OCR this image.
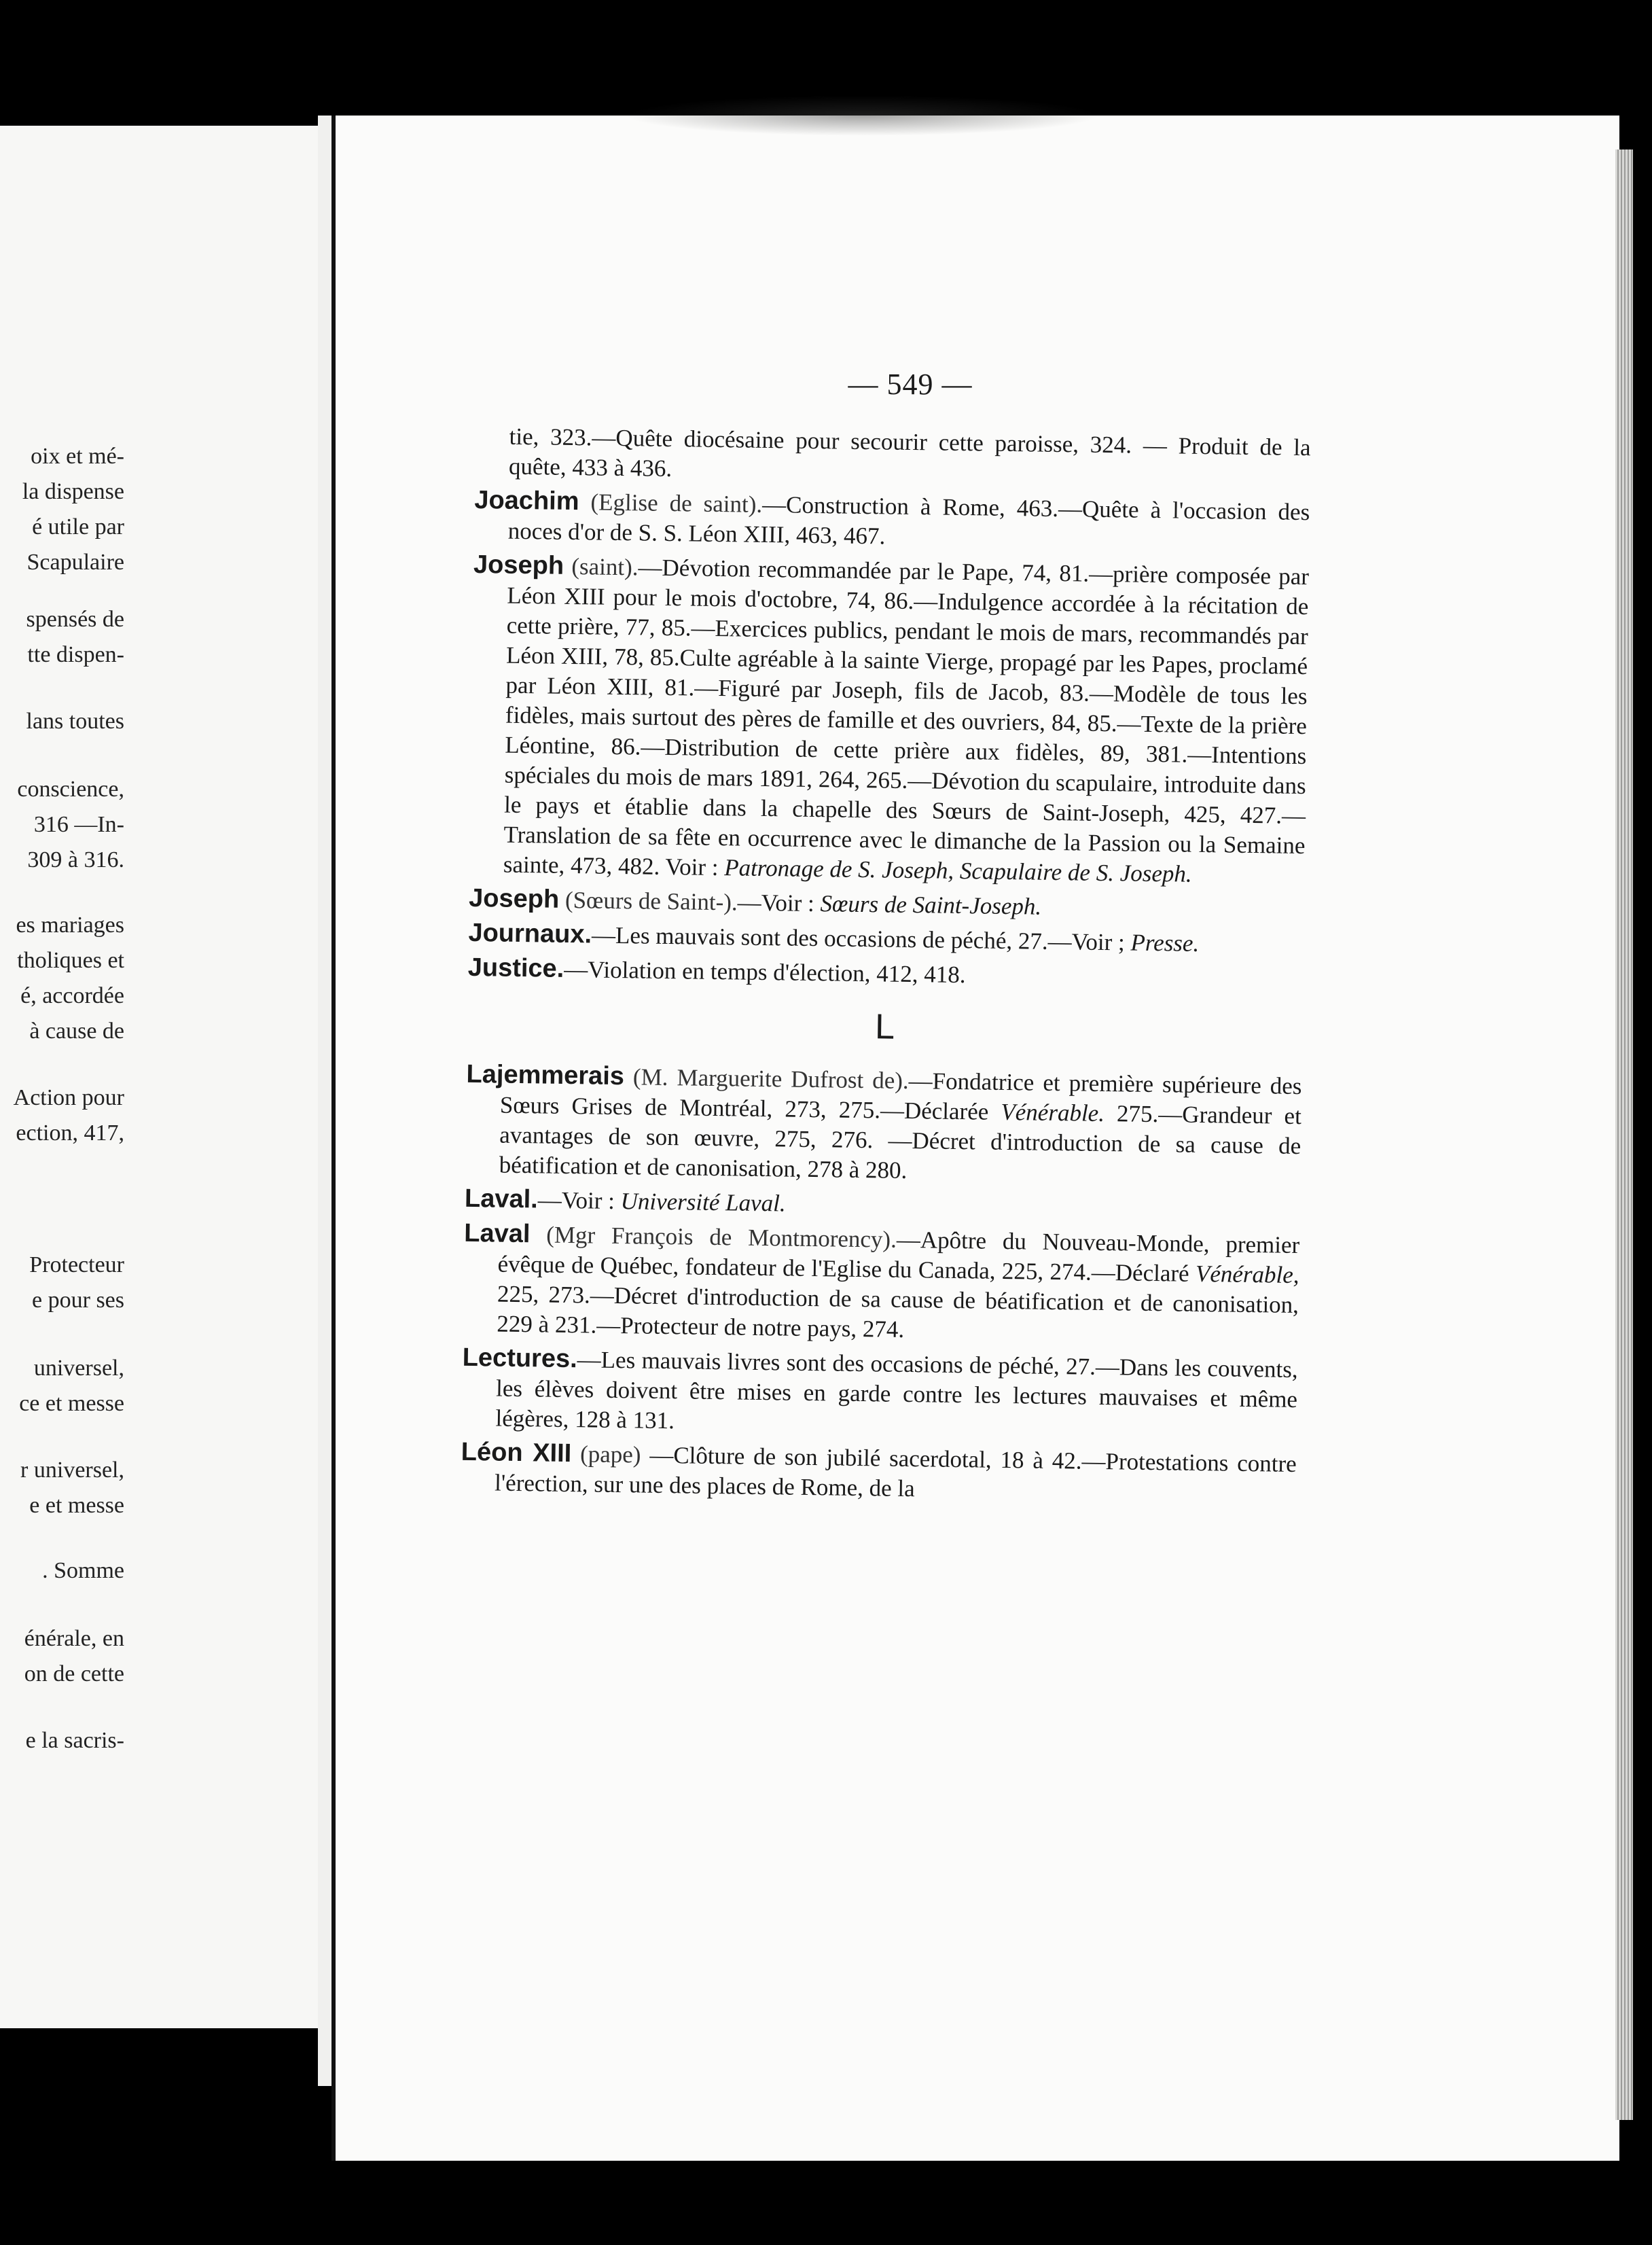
oix et mé-
la dispense
é utile par
Scapulaire
spensés de
tte dispen-
lans toutes
conscience,
316 —In-
309 à 316.
es mariages
tholiques et
é, accordée
à cause de
Action pour
ection, 417,
Protecteur
e pour ses
universel,
ce et messe
r universel,
e et messe
. Somme
énérale, en
on de cette
e la sacris-
— 549 —

tie, 323.—Quête diocésaine pour secourir cette paroisse, 324. — Produit de la quête, 433 à 436.

Joachim (Eglise de saint).—Construction à Rome, 463.—Quête à l'occasion des noces d'or de S. S. Léon XIII, 463, 467.

Joseph (saint).—Dévotion recommandée par le Pape, 74, 81.—prière composée par Léon XIII pour le mois d'octobre, 74, 86.—Indulgence accordée à la récitation de cette prière, 77, 85.—Exercices publics, pendant le mois de mars, recommandés par Léon XIII, 78, 85.Culte agréable à la sainte Vierge, propagé par les Papes, proclamé par Léon XIII, 81.—Figuré par Joseph, fils de Jacob, 83.—Modèle de tous les fidèles, mais surtout des pères de famille et des ouvriers, 84, 85.—Texte de la prière Léontine, 86.—Distribution de cette prière aux fidèles, 89, 381.—Intentions spéciales du mois de mars 1891, 264, 265.—Dévotion du scapulaire, introduite dans le pays et établie dans la chapelle des Sœurs de Saint-Joseph, 425, 427.—Translation de sa fête en occurrence avec le dimanche de la Passion ou la Semaine sainte, 473, 482. Voir : Patronage de S. Joseph, Scapulaire de S. Joseph.

Joseph (Sœurs de Saint-).—Voir : Sœurs de Saint-Joseph.

Journaux.—Les mauvais sont des occasions de péché, 27.—Voir ; Presse.

Justice.—Violation en temps d'élection, 412, 418.

L

Lajemmerais (M. Marguerite Dufrost de).—Fondatrice et première supérieure des Sœurs Grises de Montréal, 273, 275.—Déclarée Vénérable. 275.—Grandeur et avantages de son œuvre, 275, 276. —Décret d'introduction de sa cause de béatification et de canonisation, 278 à 280.

Laval.—Voir : Université Laval.

Laval (Mgr François de Montmorency).—Apôtre du Nouveau-Monde, premier évêque de Québec, fondateur de l'Eglise du Canada, 225, 274.—Déclaré Vénérable, 225, 273.—Décret d'introduction de sa cause de béatification et de canonisation, 229 à 231.—Protecteur de notre pays, 274.

Lectures.—Les mauvais livres sont des occasions de péché, 27.—Dans les couvents, les élèves doivent être mises en garde contre les lectures mauvaises et même légères, 128 à 131.

Léon XIII (pape) —Clôture de son jubilé sacerdotal, 18 à 42.—Protestations contre l'érection, sur une des places de Rome, de la
